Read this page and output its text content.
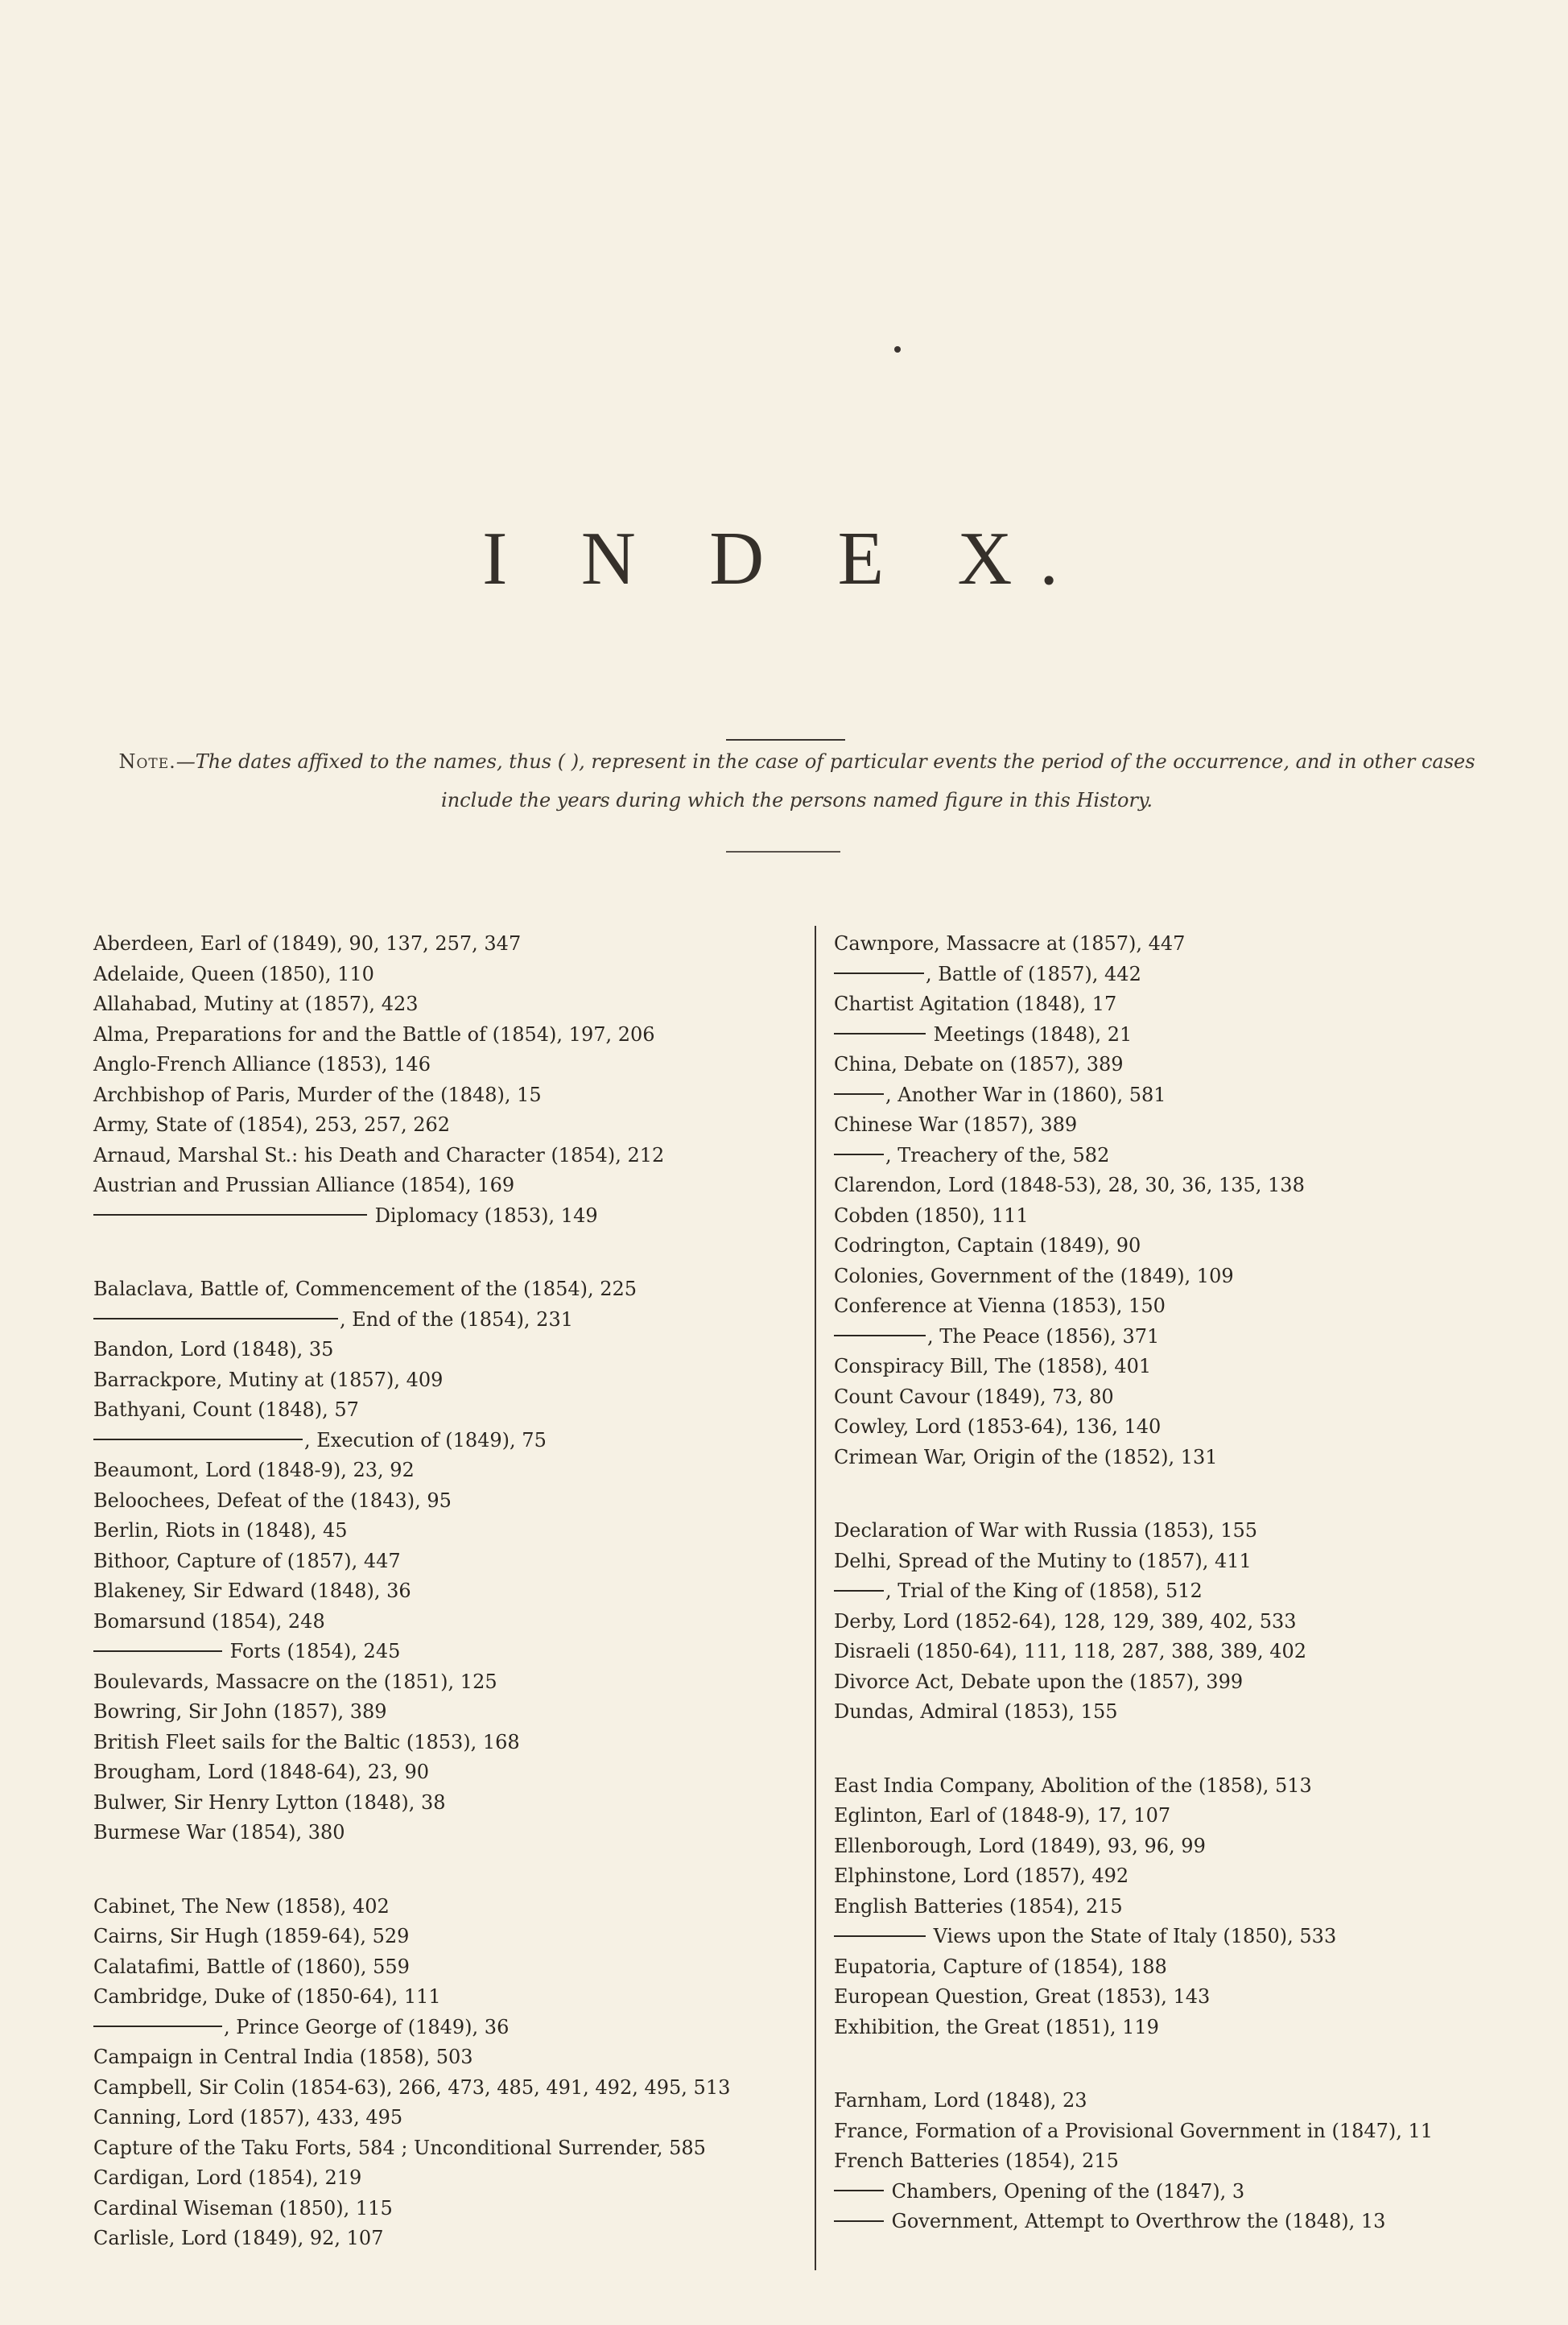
I N D E X.
Note.—The dates affixed to the names, thus ( ), represent in the case of particular events the period of the occurrence, and in other cases include the years during which the persons named figure in this History.
Aberdeen, Earl of (1849), 90, 137, 257, 347
Adelaide, Queen (1850), 110
Allahabad, Mutiny at (1857), 423
Alma, Preparations for and the Battle of (1854), 197, 206
Anglo-French Alliance (1853), 146
Archbishop of Paris, Murder of the (1848), 15
Army, State of (1854), 253, 257, 262
Arnaud, Marshal St.: his Death and Character (1854), 212
Austrian and Prussian Alliance (1854), 169
Diplomacy (1853), 149
Balaclava, Battle of, Commencement of the (1854), 225
, End of the (1854), 231
Bandon, Lord (1848), 35
Barrackpore, Mutiny at (1857), 409
Bathyani, Count (1848), 57
, Execution of (1849), 75
Beaumont, Lord (1848-9), 23, 92
Beloochees, Defeat of the (1843), 95
Berlin, Riots in (1848), 45
Bithoor, Capture of (1857), 447
Blakeney, Sir Edward (1848), 36
Bomarsund (1854), 248
Forts (1854), 245
Boulevards, Massacre on the (1851), 125
Bowring, Sir John (1857), 389
British Fleet sails for the Baltic (1853), 168
Brougham, Lord (1848-64), 23, 90
Bulwer, Sir Henry Lytton (1848), 38
Burmese War (1854), 380
Cabinet, The New (1858), 402
Cairns, Sir Hugh (1859-64), 529
Calatafimi, Battle of (1860), 559
Cambridge, Duke of (1850-64), 111
, Prince George of (1849), 36
Campaign in Central India (1858), 503
Campbell, Sir Colin (1854-63), 266, 473, 485, 491, 492, 495, 513
Canning, Lord (1857), 433, 495
Capture of the Taku Forts, 584 ; Unconditional Surrender, 585
Cardigan, Lord (1854), 219
Cardinal Wiseman (1850), 115
Carlisle, Lord (1849), 92, 107
Cawnpore, Massacre at (1857), 447
, Battle of (1857), 442
Chartist Agitation (1848), 17
Meetings (1848), 21
China, Debate on (1857), 389
, Another War in (1860), 581
Chinese War (1857), 389
, Treachery of the, 582
Clarendon, Lord (1848-53), 28, 30, 36, 135, 138
Cobden (1850), 111
Codrington, Captain (1849), 90
Colonies, Government of the (1849), 109
Conference at Vienna (1853), 150
, The Peace (1856), 371
Conspiracy Bill, The (1858), 401
Count Cavour (1849), 73, 80
Cowley, Lord (1853-64), 136, 140
Crimean War, Origin of the (1852), 131
Declaration of War with Russia (1853), 155
Delhi, Spread of the Mutiny to (1857), 411
, Trial of the King of (1858), 512
Derby, Lord (1852-64), 128, 129, 389, 402, 533
Disraeli (1850-64), 111, 118, 287, 388, 389, 402
Divorce Act, Debate upon the (1857), 399
Dundas, Admiral (1853), 155
East India Company, Abolition of the (1858), 513
Eglinton, Earl of (1848-9), 17, 107
Ellenborough, Lord (1849), 93, 96, 99
Elphinstone, Lord (1857), 492
English Batteries (1854), 215
Views upon the State of Italy (1850), 533
Eupatoria, Capture of (1854), 188
European Question, Great (1853), 143
Exhibition, the Great (1851), 119
Farnham, Lord (1848), 23
France, Formation of a Provisional Government in (1847), 11
French Batteries (1854), 215
Chambers, Opening of the (1847), 3
Government, Attempt to Overthrow the (1848), 13
